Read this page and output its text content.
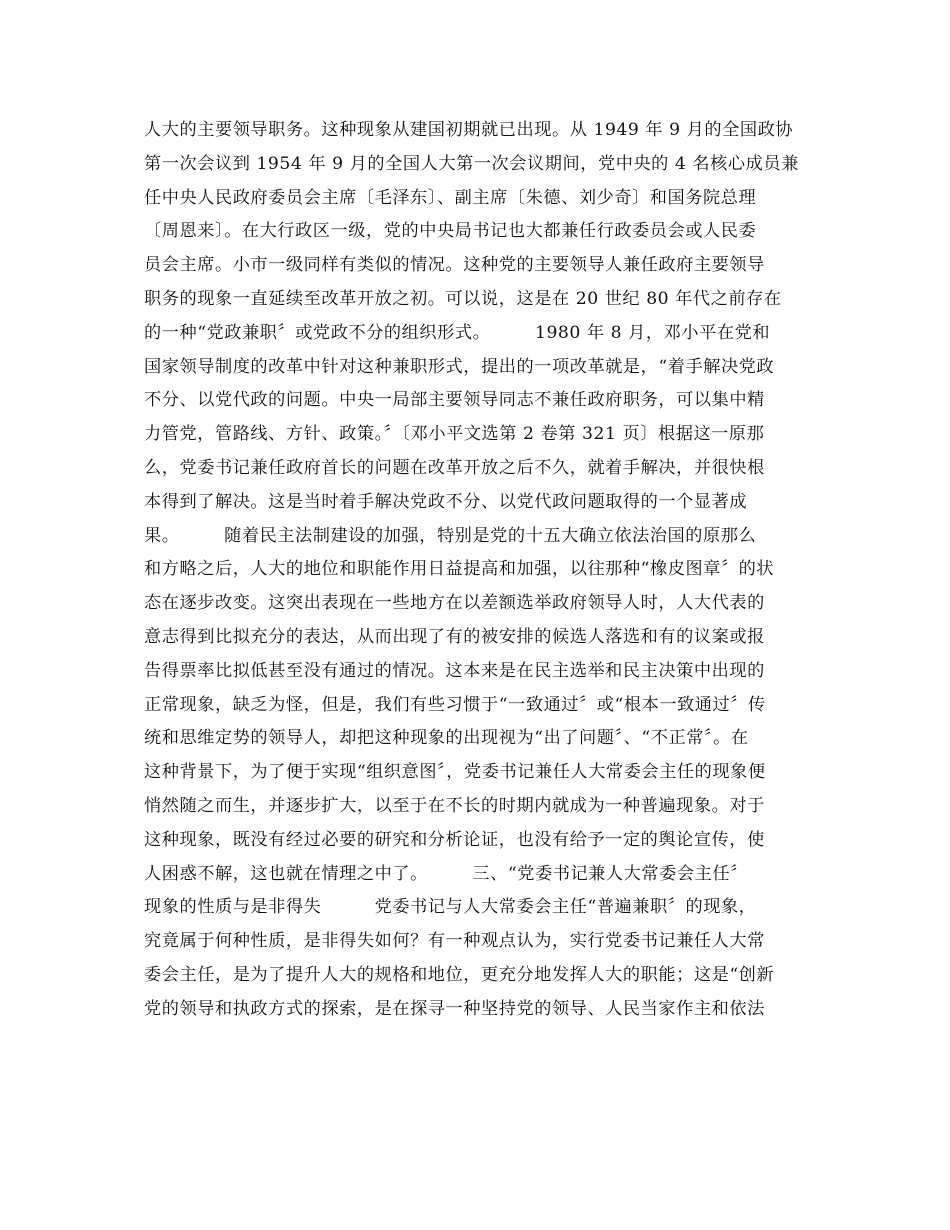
人大的主要领导职务。这种现象从建国初期就已出现。从 1949 年 9 月的全国政协
第一次会议到 1954 年 9 月的全国人大第一次会议期间，党中央的 4 名核心成员兼
任中央人民政府委员会主席〔毛泽东〕、副主席〔朱德、刘少奇〕和国务院总理
〔周恩来〕。在大行政区一级，党的中央局书记也大都兼任行政委员会或人民委
员会主席。小市一级同样有类似的情况。这种党的主要领导人兼任政府主要领导
职务的现象一直延续至改革开放之初。可以说，这是在 20 世纪 80 年代之前存在
的一种“党政兼职〞或党政不分的组织形式。　　　1980 年 8 月，邓小平在党和
国家领导制度的改革中针对这种兼职形式，提出的一项改革就是，“着手解决党政
不分、以党代政的问题。中央一局部主要领导同志不兼任政府职务，可以集中精
力管党，管路线、方针、政策。〞〔邓小平文选第 2 卷第 321 页〕根据这一原那
么，党委书记兼任政府首长的问题在改革开放之后不久，就着手解决，并很快根
本得到了解决。这是当时着手解决党政不分、以党代政问题取得的一个显著成
果。　　　随着民主法制建设的加强，特别是党的十五大确立依法治国的原那么
和方略之后，人大的地位和职能作用日益提高和加强，以往那种“橡皮图章〞的状
态在逐步改变。这突出表现在一些地方在以差额选举政府领导人时，人大代表的
意志得到比拟充分的表达，从而出现了有的被安排的候选人落选和有的议案或报
告得票率比拟低甚至没有通过的情况。这本来是在民主选举和民主决策中出现的
正常现象，缺乏为怪，但是，我们有些习惯于“一致通过〞或“根本一致通过〞传
统和思维定势的领导人，却把这种现象的出现视为“出了问题〞、“不正常〞。在
这种背景下，为了便于实现“组织意图〞，党委书记兼任人大常委会主任的现象便
悄然随之而生，并逐步扩大，以至于在不长的时期内就成为一种普遍现象。对于
这种现象，既没有经过必要的研究和分析论证，也没有给予一定的舆论宣传，使
人困惑不解，这也就在情理之中了。　　　三、“党委书记兼人大常委会主任〞
现象的性质与是非得失　　　党委书记与人大常委会主任“普遍兼职〞的现象，
究竟属于何种性质，是非得失如何？有一种观点认为，实行党委书记兼任人大常
委会主任，是为了提升人大的规格和地位，更充分地发挥人大的职能；这是“创新
党的领导和执政方式的探索，是在探寻一种坚持党的领导、人民当家作主和依法
